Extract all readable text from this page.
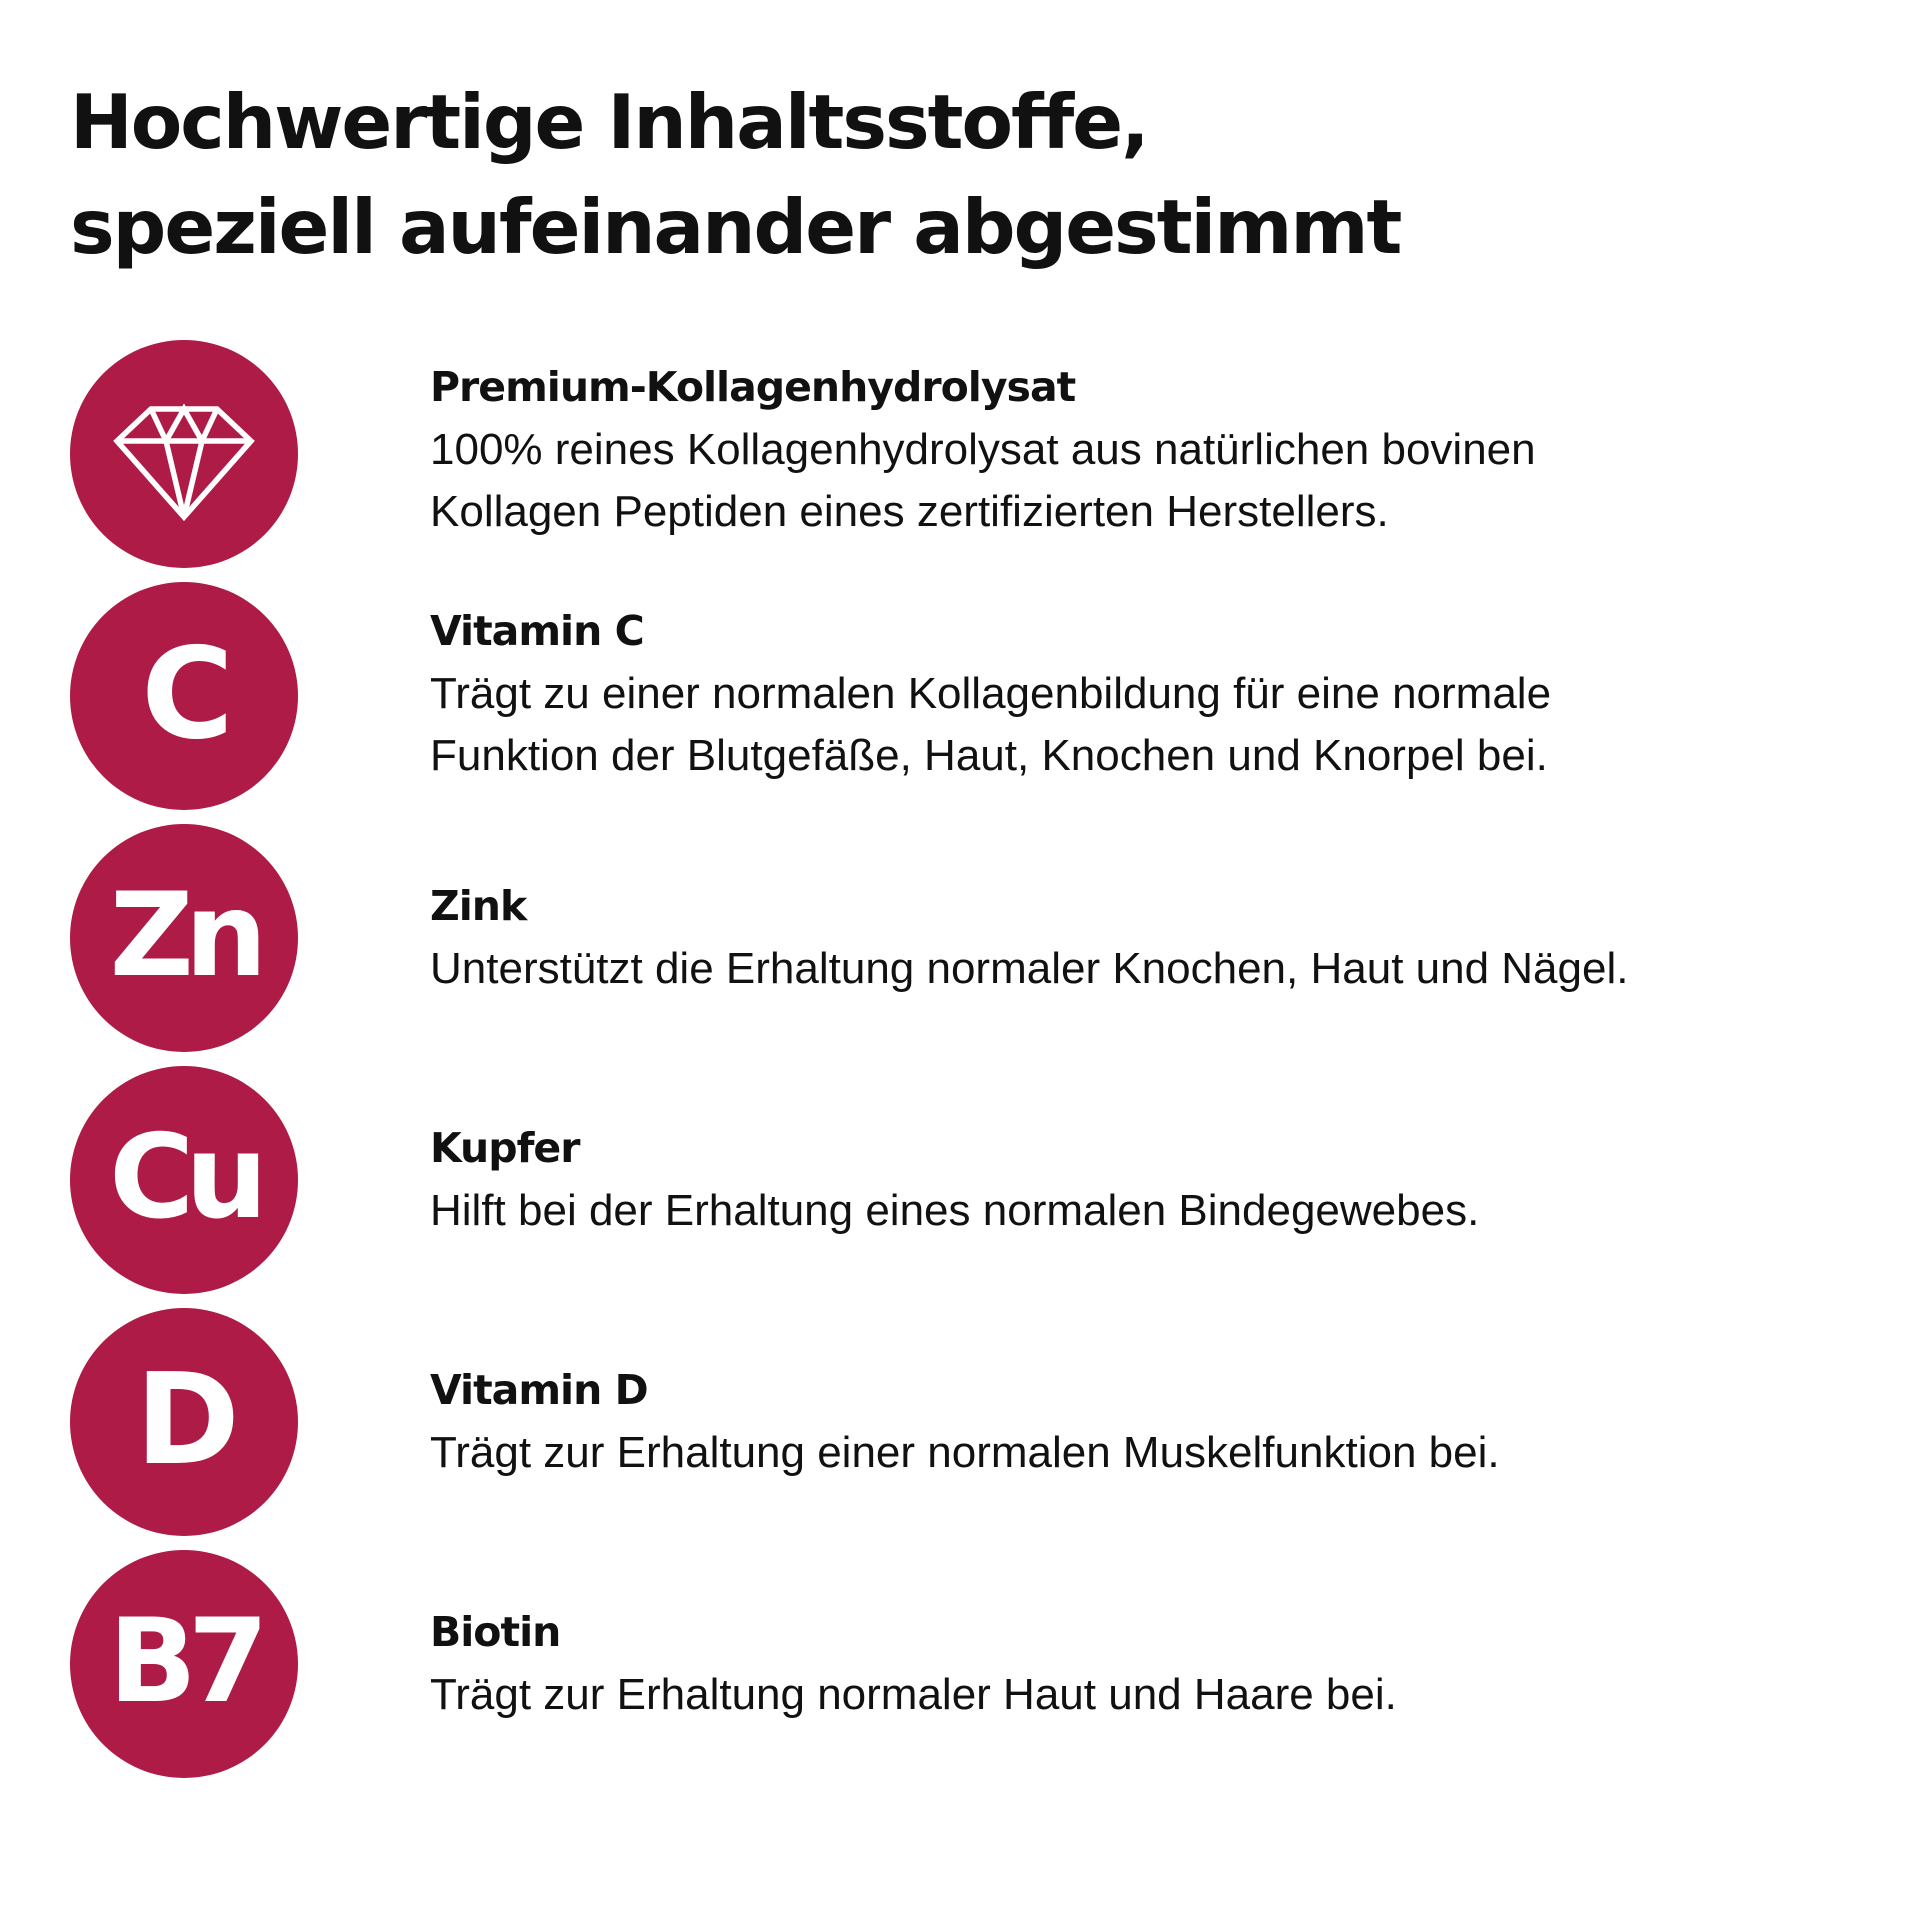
Hochwertige Inhaltsstoffe,
speziell aufeinander abgestimmt
Premium-Kollagenhydrolysat

100% reines Kollagenhydrolysat aus natürlichen bovinen
Kollagen Peptiden eines zertifizierten Herstellers.

C	Vitamin C

Trägt zu einer normalen Kollagenbildung für eine normale
Funktion der Blutgefäße, Haut, Knochen und Knorpel bei.

Zn	Zink

Unterstützt die Erhaltung normaler Knochen, Haut und Nägel.

Cu	Kupfer

Hilft bei der Erhaltung eines normalen Bindegewebes.

D	Vitamin D

Trägt zur Erhaltung einer normalen Muskelfunktion bei.

B7	Biotin

Trägt zur Erhaltung normaler Haut und Haare bei.
